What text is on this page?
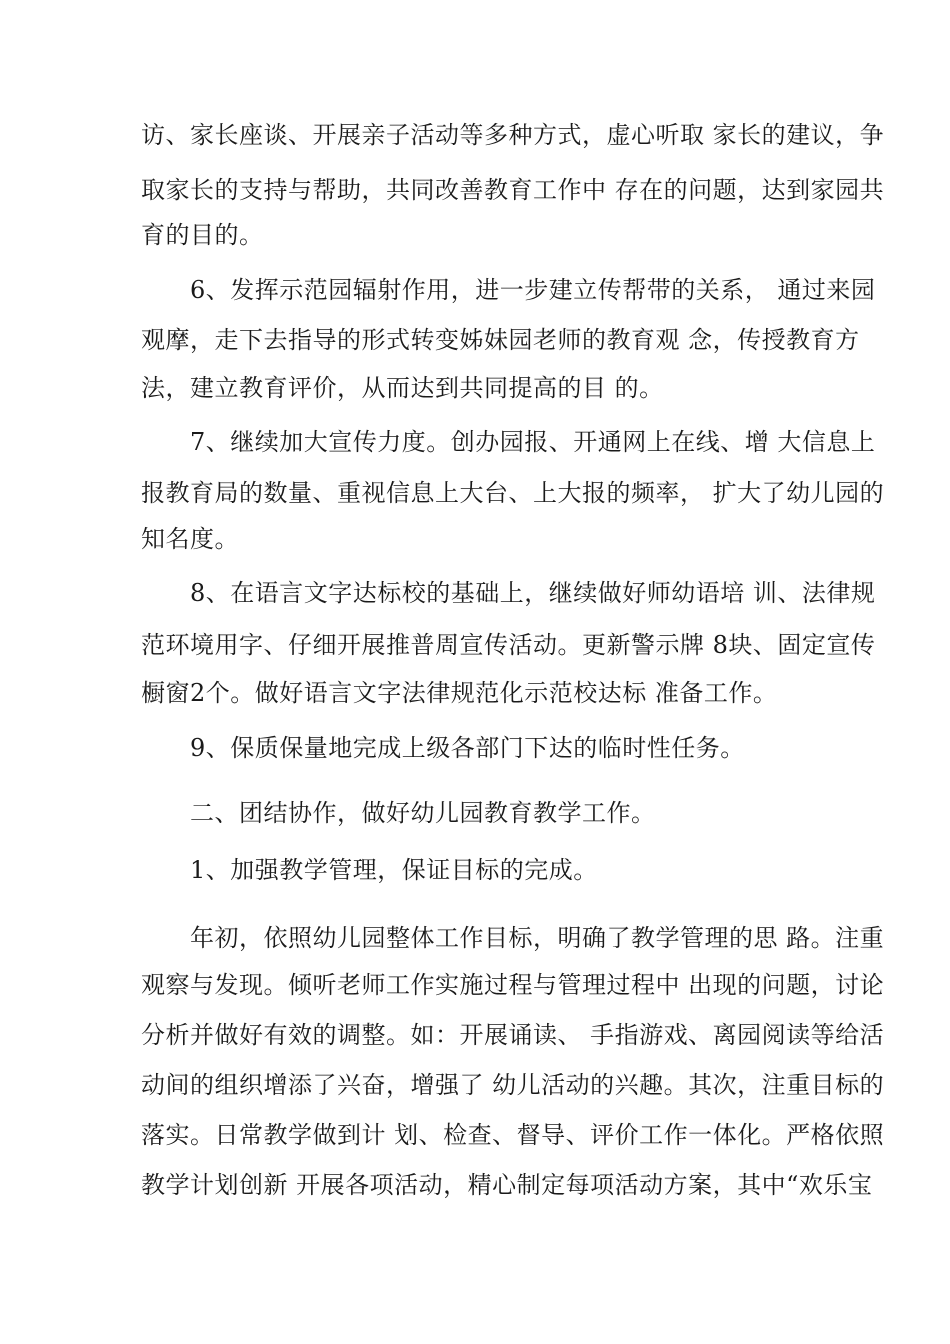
访、家长座谈、开展亲子活动等多种方式，虚心听取 家长的建议，争
取家长的支持与帮助，共同改善教育工作中 存在的问题，达到家园共
育的目的。
6、发挥示范园辐射作用，进一步建立传帮带的关系， 通过来园
观摩，走下去指导的形式转变姊妹园老师的教育观 念，传授教育方
法，建立教育评价，从而达到共同提高的目 的。
7、继续加大宣传力度。创办园报、开通网上在线、增 大信息上
报教育局的数量、重视信息上大台、上大报的频率， 扩大了幼儿园的
知名度。
8、在语言文字达标校的基础上，继续做好师幼语培 训、法律规
范环境用字、仔细开展推普周宣传活动。更新警示牌 8块、固定宣传
橱窗2个。做好语言文字法律规范化示范校达标 准备工作。
9、保质保量地完成上级各部门下达的临时性任务。
二、团结协作，做好幼儿园教育教学工作。
1、加强教学管理，保证目标的完成。
年初，依照幼儿园整体工作目标，明确了教学管理的思 路。注重
观察与发现。倾听老师工作实施过程与管理过程中 出现的问题，讨论
分析并做好有效的调整。如：开展诵读、 手指游戏、离园阅读等给活
动间的组织增添了兴奋，增强了 幼儿活动的兴趣。其次，注重目标的
落实。日常教学做到计 划、检查、督导、评价工作一体化。严格依照
教学计划创新 开展各项活动，精心制定每项活动方案，其中“欢乐宝
